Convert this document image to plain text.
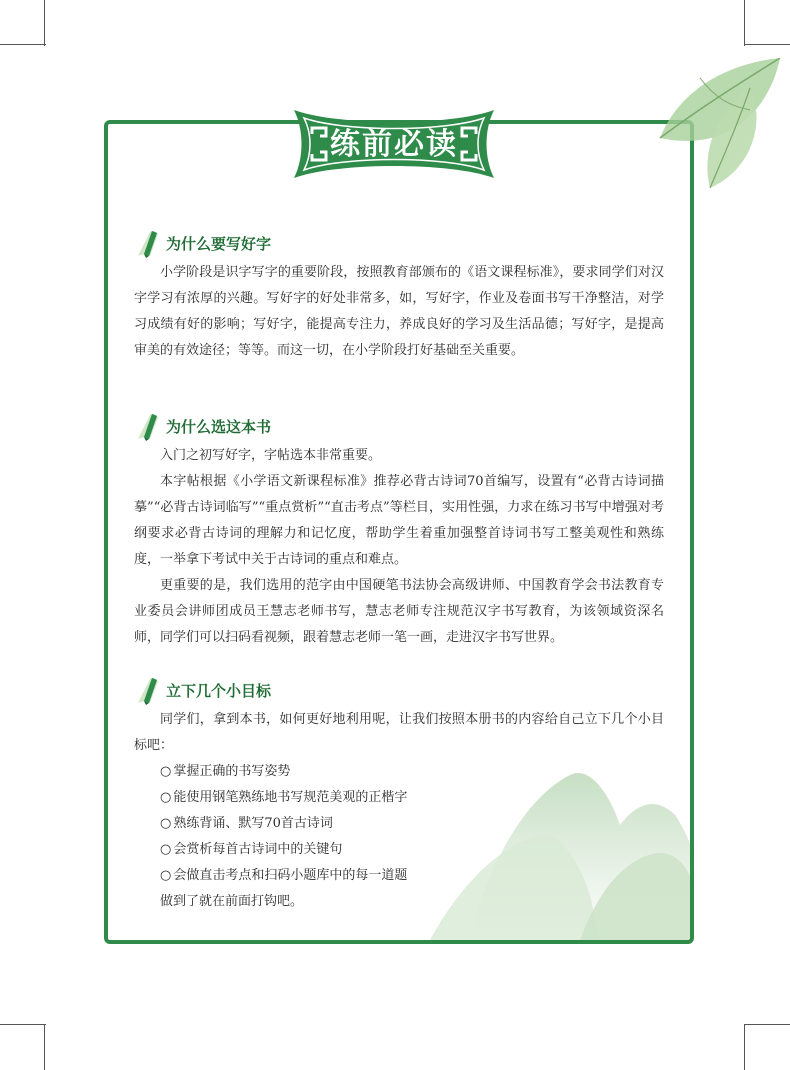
练前必读
为什么要写好字

小学阶段是识字写字的重要阶段，按照教育部颁布的《语文课程标准》，要求同学们对汉字学习有浓厚的兴趣。写好字的好处非常多，如，写好字，作业及卷面书写干净整洁，对学习成绩有好的影响；写好字，能提高专注力，养成良好的学习及生活品德；写好字，是提高审美的有效途径；等等。而这一切，在小学阶段打好基础至关重要。

为什么选这本书

入门之初写好字，字帖选本非常重要。

本字帖根据《小学语文新课程标准》推荐必背古诗词70首编写，设置有“必背古诗词描摹”“必背古诗词临写”“重点赏析”“直击考点”等栏目，实用性强，力求在练习书写中增强对考纲要求必背古诗词的理解力和记忆度，帮助学生着重加强整首诗词书写工整美观性和熟练度，一举拿下考试中关于古诗词的重点和难点。

更重要的是，我们选用的范字由中国硬笔书法协会高级讲师、中国教育学会书法教育专业委员会讲师团成员王慧志老师书写，慧志老师专注规范汉字书写教育，为该领域资深名师，同学们可以扫码看视频，跟着慧志老师一笔一画，走进汉字书写世界。

立下几个小目标

同学们，拿到本书，如何更好地利用呢，让我们按照本册书的内容给自己立下几个小目标吧：

○ 掌握正确的书写姿势
○ 能使用钢笔熟练地书写规范美观的正楷字
○ 熟练背诵、默写70首古诗词
○ 会赏析每首古诗词中的关键句
○ 会做直击考点和扫码小题库中的每一道题

做到了就在前面打钩吧。
